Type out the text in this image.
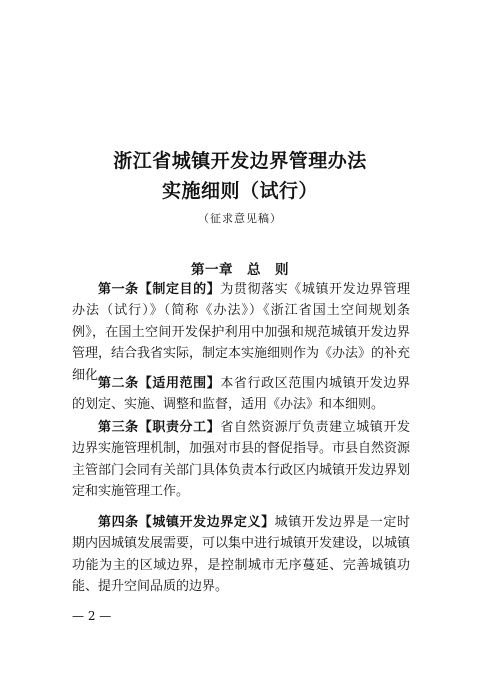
浙江省城镇开发边界管理办法
实施细则（试行）
（征求意见稿）
第一章　总　则

第一条【制定目的】为贯彻落实《城镇开发边界管理办法（试行）》（简称《办法》）《浙江省国土空间规划条例》，在国土空间开发保护利用中加强和规范城镇开发边界管理，结合我省实际，制定本实施细则作为《办法》的补充细化。

第二条【适用范围】本省行政区范围内城镇开发边界的划定、实施、调整和监督，适用《办法》和本细则。

第三条【职责分工】省自然资源厅负责建立城镇开发边界实施管理机制，加强对市县的督促指导。市县自然资源主管部门会同有关部门具体负责本行政区内城镇开发边界划定和实施管理工作。

第四条【城镇开发边界定义】城镇开发边界是一定时期内因城镇发展需要，可以集中进行城镇开发建设，以城镇功能为主的区域边界，是控制城市无序蔓延、完善城镇功能、提升空间品质的边界。

— 2 —
